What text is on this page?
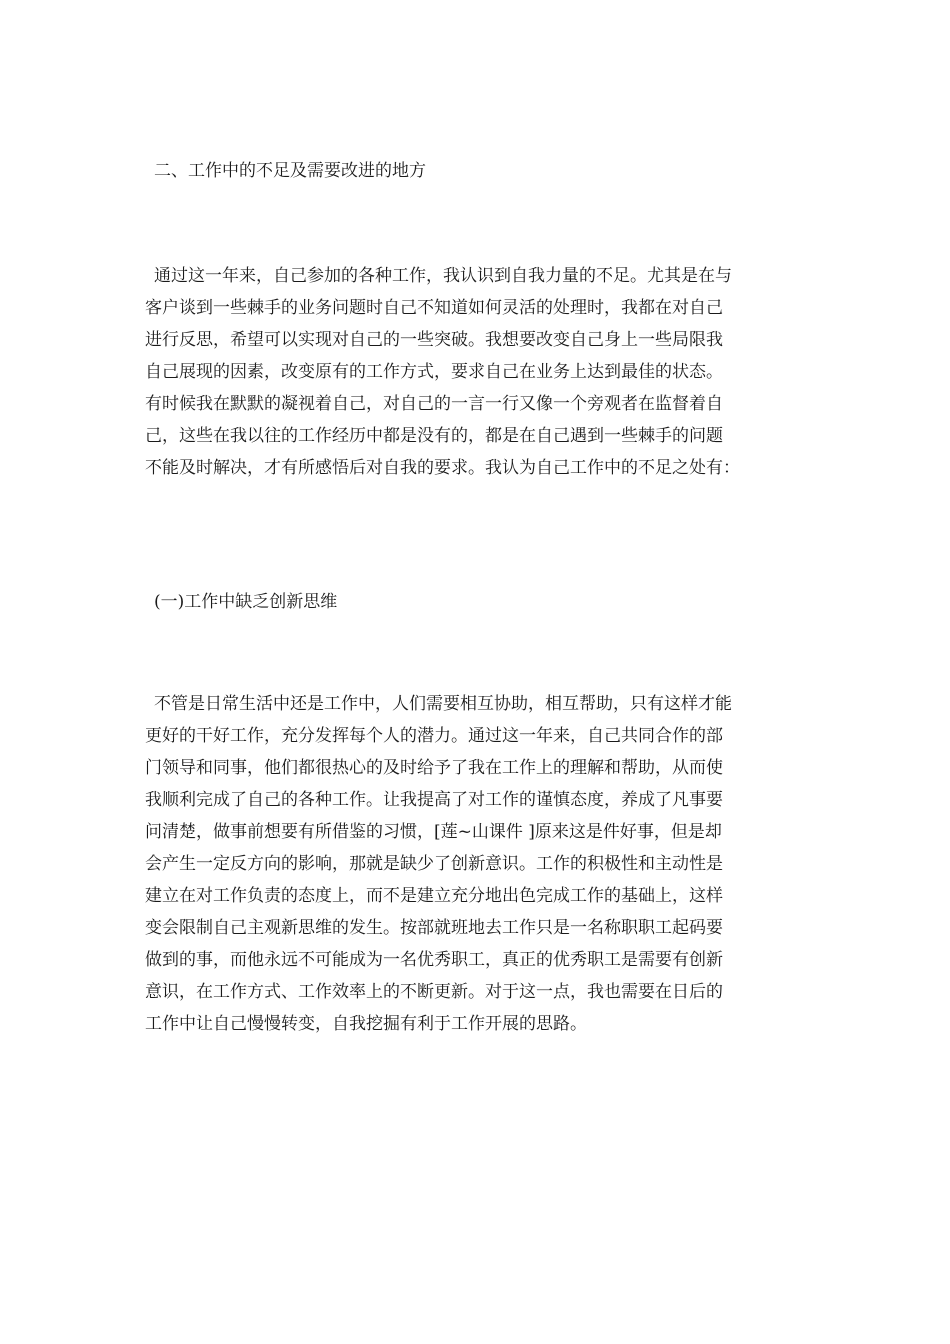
二、工作中的不足及需要改进的地方
通过这一年来，自己参加的各种工作，我认识到自我力量的不足。尤其是在与
客户谈到一些棘手的业务问题时自己不知道如何灵活的处理时，我都在对自己
进行反思，希望可以实现对自己的一些突破。我想要改变自己身上一些局限我
自己展现的因素，改变原有的工作方式，要求自己在业务上达到最佳的状态。
有时候我在默默的凝视着自己，对自己的一言一行又像一个旁观者在监督着自
己，这些在我以往的工作经历中都是没有的，都是在自己遇到一些棘手的问题
不能及时解决，才有所感悟后对自我的要求。我认为自己工作中的不足之处有：
(一)工作中缺乏创新思维
不管是日常生活中还是工作中，人们需要相互协助，相互帮助，只有这样才能
更好的干好工作，充分发挥每个人的潜力。通过这一年来，自己共同合作的部
门领导和同事，他们都很热心的及时给予了我在工作上的理解和帮助，从而使
我顺利完成了自己的各种工作。让我提高了对工作的谨慎态度，养成了凡事要
问清楚，做事前想要有所借鉴的习惯，[莲~山课件 ]原来这是件好事，但是却
会产生一定反方向的影响，那就是缺少了创新意识。工作的积极性和主动性是
建立在对工作负责的态度上，而不是建立充分地出色完成工作的基础上，这样
变会限制自己主观新思维的发生。按部就班地去工作只是一名称职职工起码要
做到的事，而他永远不可能成为一名优秀职工，真正的优秀职工是需要有创新
意识，在工作方式、工作效率上的不断更新。对于这一点，我也需要在日后的
工作中让自己慢慢转变，自我挖掘有利于工作开展的思路。
